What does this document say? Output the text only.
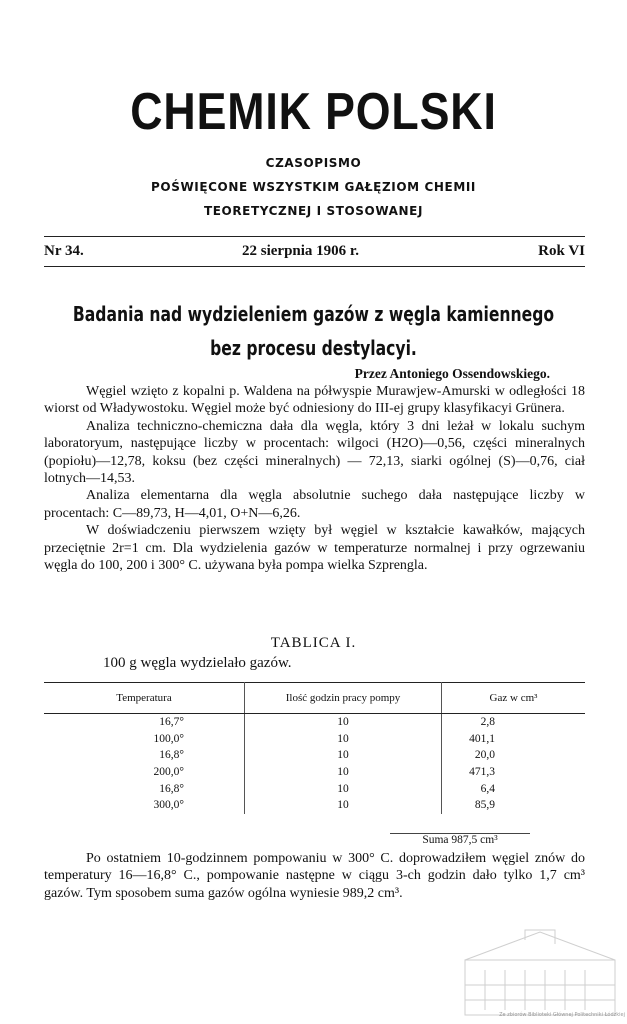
CHEMIK POLSKI
CZASOPISMO
POŚWIĘCONE WSZYSTKIM GAŁĘZIOM CHEMII
TEORETYCZNEJ I STOSOWANEJ
Nr 34.	22 sierpnia 1906 r.	Rok VI
Badania nad wydzieleniem gazów z węgla kamiennego
bez procesu destylacyi.
Przez Antoniego Ossendowskiego.

Węgiel wzięto z kopalni p. Waldena na półwyspie Murawjew-Amurski w odległości 18 wiorst od Władywostoku. Węgiel może być odniesiony do III-ej grupy klasyfikacyi Grünera.

Analiza techniczno-chemiczna dała dla węgla, który 3 dni leżał w lokalu suchym laboratoryum, następujące liczby w procentach: wilgoci (H2O)—0,56, części mineralnych (popiołu)—12,78, koksu (bez części mineralnych) — 72,13, siarki ogólnej (S)—0,76, ciał lotnych—14,53.

Analiza elementarna dla węgla absolutnie suchego dała następujące liczby w procentach: C—89,73, H—4,01, O+N—6,26.

W doświadczeniu pierwszem wzięty był węgiel w kształcie kawałków, mających przeciętnie 2r=1 cm. Dla wydzielenia gazów w temperaturze normalnej i przy ogrzewaniu węgla do 100, 200 i 300° C. używana była pompa wielka Szprengla.

TABLICA I.
100 g węgla wydzielało gazów.
Temperatura	Ilość godzin pracy pompy	Gaz w cm³
16,7°	10	2,8
100,0°	10	401,1
16,8°	10	20,0
200,0°	10	471,3
16,8°	10	6,4
300,0°	10	85,9
Suma 987,5 cm³

Po ostatniem 10-godzinnem pompowaniu w 300° C. doprowadziłem węgiel znów do temperatury 16—16,8° C., pompowanie następne w ciągu 3-ch godzin dało tylko 1,7 cm³ gazów. Tym sposobem suma gazów ogólna wyniesie 989,2 cm³.

Ze zbiorów Biblioteki Głównej Politechniki Łódzkiej
